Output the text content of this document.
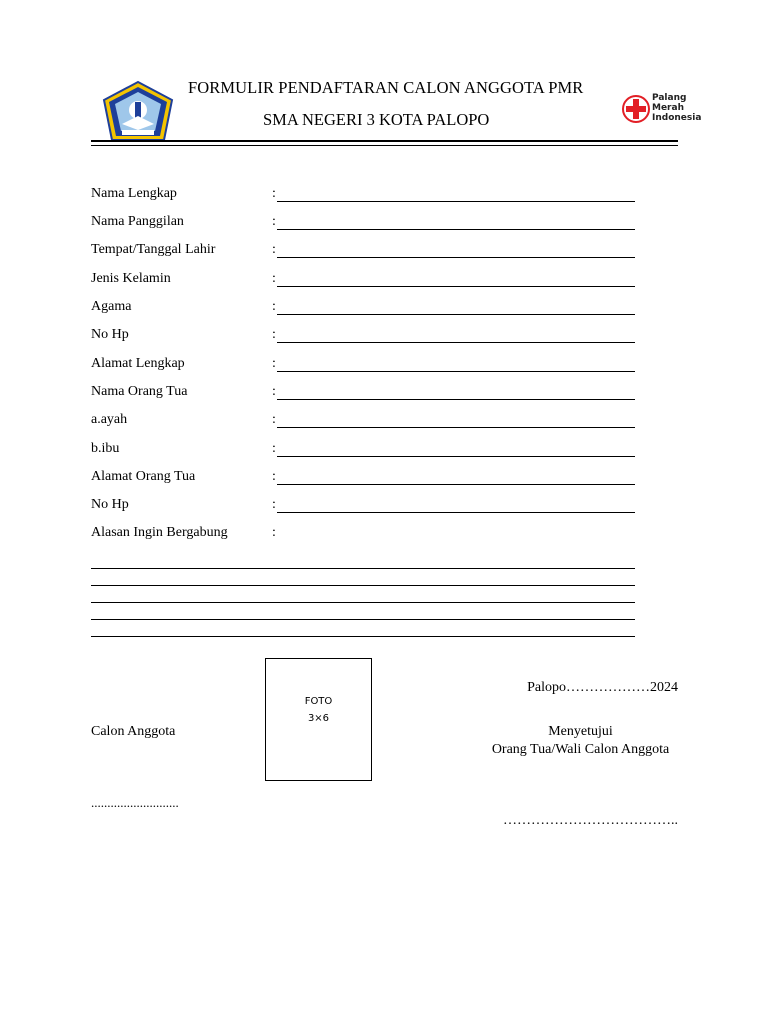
FORMULIR PENDAFTARAN CALON ANGGOTA PMR
SMA NEGERI 3 KOTA PALOPO
Palang
Merah
Indonesia
Nama Lengkap	:
Nama Panggilan	:
Tempat/Tanggal Lahir	:
Jenis Kelamin	:
Agama	:
No Hp	:
Alamat Lengkap	:
Nama Orang Tua	:
a.ayah	:
b.ibu	:
Alamat Orang Tua	:
No Hp	:
Alasan Ingin Bergabung	:
FOTO
3×6
Calon Anggota
...........................
Palopo………………2024
Menyetujui
Orang Tua/Wali Calon Anggota
………………………………..
